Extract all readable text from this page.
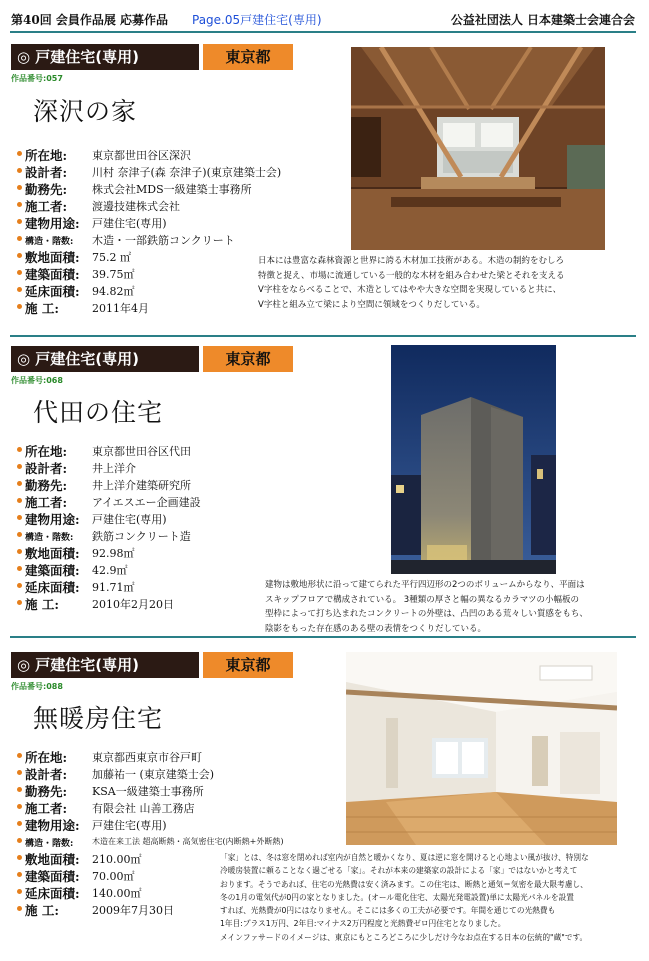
第40回 会員作品展 応募作品 Page.05戸建住宅(専用)	公益社団法人 日本建築士会連合会
◎ 戸建住宅(専用)	東京都
作品番号:057
深沢の家
所在地: 東京都世田谷区深沢
設計者: 川村 奈津子(森 奈津子)(東京建築士会)
勤務先: 株式会社MDS一級建築士事務所
施工者: 渡邊技建株式会社
建物用途: 戸建住宅(専用)
構造・階数: 木造・一部鉄筋コンクリート
敷地面積: 75.2 ㎡
建築面積: 39.75㎡
延床面積: 94.82㎡
施 工:	2011年4月

日本には豊富な森林資源と世界に誇る木材加工技術がある。木造の制約をむしろ

特徴と捉え、市場に流通している一般的な木材を組み合わせた梁とそれを支える

V字柱をならべることで、木造としてはやや大きな空間を実現していると共に、

V字柱と組み立て梁により空間に領域をつくりだしている。

◎ 戸建住宅(専用)	東京都
作品番号:068
代田の住宅
所在地: 東京都世田谷区代田
設計者: 井上洋介
勤務先: 井上洋介建築研究所
施工者: アイエスエー企画建設
建物用途: 戸建住宅(専用)
構造・階数: 鉄筋コンクリート造
敷地面積: 92.98㎡
建築面積: 42.9㎡
延床面積: 91.71㎡
施 工:	2010年2月20日

建物は敷地形状に沿って建てられた平行四辺形の2つのボリュームからなり、平面は

スキップフロアで構成されている。 3種類の厚さと幅の異なるカラマツの小幅板の

型枠によって打ち込まれたコンクリートの外壁は、凸凹のある荒々しい質感をもち、

陰影をもった存在感のある壁の表情をつくりだしている。

◎ 戸建住宅(専用)	東京都
作品番号:088
無暖房住宅
所在地: 東京都西東京市谷戸町
設計者: 加藤祐一 (東京建築士会)
勤務先: KSA一級建築士事務所
施工者: 有限会社 山善工務店
建物用途: 戸建住宅(専用)
構造・階数: 木造在来工法 超高断熱・高気密住宅(内断熱+外断熱)
敷地面積: 210.00㎡
建築面積: 70.00㎡
延床面積: 140.00㎡
施 工:	2009年7月30日

「家」とは、冬は窓を閉めれば室内が自然と暖かくなり、夏は逆に窓を開けると心地よい風が抜け、特別な

冷暖房装置に頼ることなく過ごせる「家」。それが本来の建築家の設計による「家」ではないかと考えて

おります。そうであれば、住宅の光熱費は安く済みます。この住宅は、断熱と通気＝気密を最大限考慮し、

冬の1月の電気代が0円の家となりました。(オール電化住宅、太陽光発電設置)単に太陽光パネルを設置

すれば、光熱費が0円にはなりません。そこには多くの工夫が必要です。年間を通じての光熱費も

1年目:プラス1万円、2年目:マイナス2万円程度と光熱費ゼロ円住宅となりました。

メインファサードのイメージは、東京にもところどころに少しだけ今なお点在する日本の伝統的"蔵"です。
